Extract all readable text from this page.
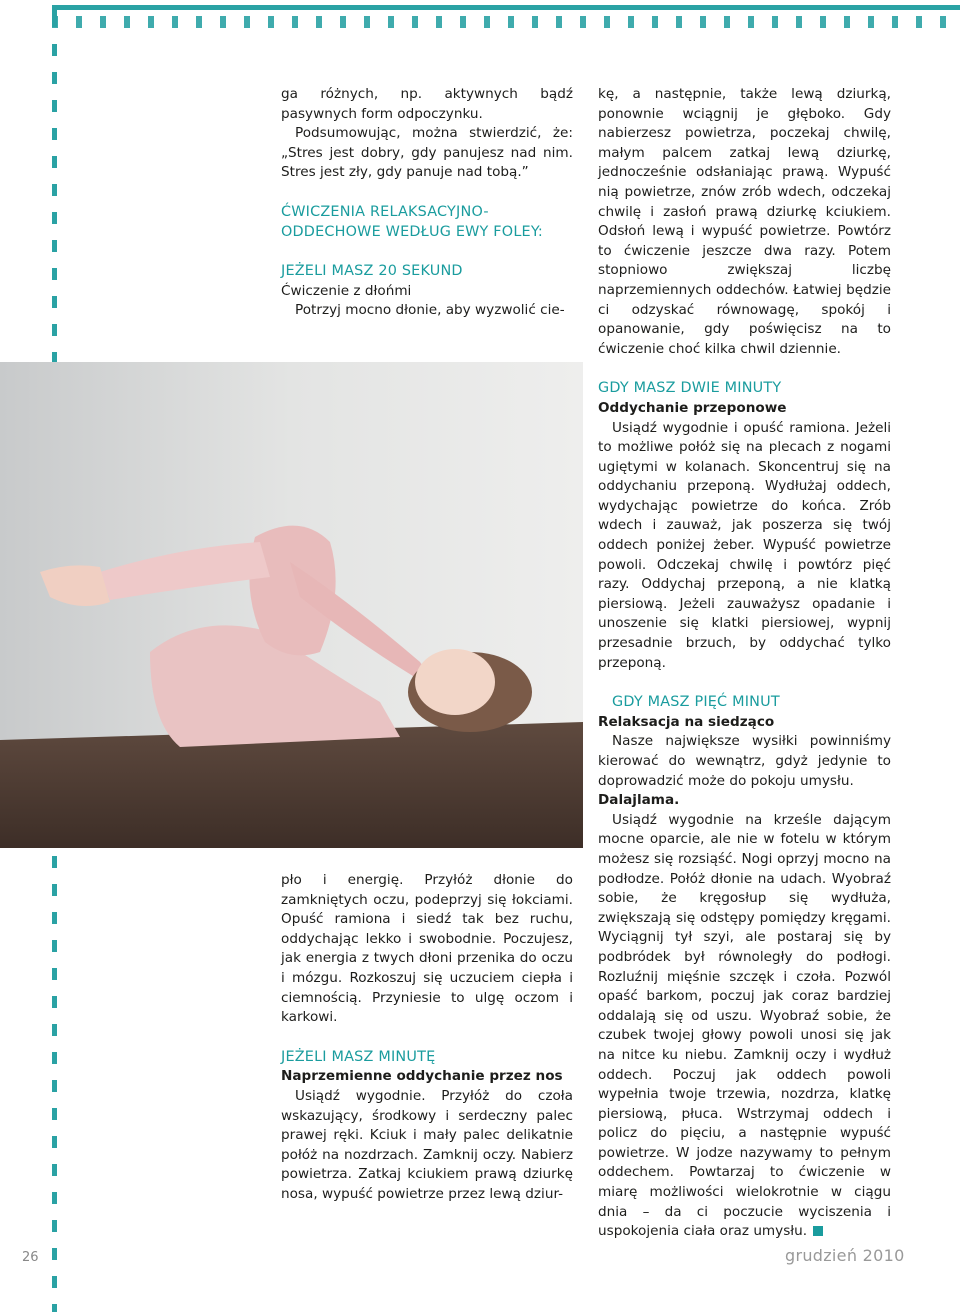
ga różnych, np. aktywnych bądź pasywnych form odpoczynku.

Podsumowując, można stwierdzić, że: „Stres jest dobry, gdy panujesz nad nim. Stres jest zły, gdy panuje nad tobą.”

ĆWICZENIA RELAKSACYJNO-ODDECHOWE WEDŁUG EWY FOLEY:
JEŻELI MASZ 20 SEKUND
Ćwiczenie z dłońmi

Potrzyj mocno dłonie, aby wyzwolić cie-

pło i energię. Przyłóż dłonie do zamkniętych oczu, podeprzyj się łokciami. Opuść ramiona i siedź tak bez ruchu, oddychając lekko i swobodnie. Poczujesz, jak energia z twych dłoni przenika do oczu i mózgu. Rozkoszuj się uczuciem ciepła i ciemnością. Przyniesie to ulgę oczom i karkowi.

JEŻELI MASZ MINUTĘ
Naprzemienne oddychanie przez nos

Usiądź wygodnie. Przyłóż do czoła wskazujący, środkowy i serdeczny palec prawej ręki. Kciuk i mały palec delikatnie połóż na nozdrzach. Zamknij oczy. Nabierz powietrza. Zatkaj kciukiem prawą dziurkę nosa, wypuść powietrze przez lewą dziur-

kę, a następnie, także lewą dziurką, ponownie wciągnij je głęboko. Gdy nabierzesz powietrza, poczekaj chwilę, małym palcem zatkaj lewą dziurkę, jednocześnie odsłaniając prawą. Wypuść nią powietrze, znów zrób wdech, odczekaj chwilę i zasłoń prawą dziurkę kciukiem. Odsłoń lewą i wypuść powietrze. Powtórz to ćwiczenie jeszcze dwa razy. Potem stopniowo zwiększaj liczbę naprzemiennych oddechów. Łatwiej będzie ci odzyskać równowagę, spokój i opanowanie, gdy poświęcisz na to ćwiczenie choć kilka chwil dziennie.

GDY MASZ DWIE MINUTY
Oddychanie przeponowe

Usiądź wygodnie i opuść ramiona. Jeżeli to możliwe połóż się na plecach z nogami ugiętymi w kolanach. Skoncentruj się na oddychaniu przeponą. Wydłużaj oddech, wydychając powietrze do końca. Zrób wdech i zauważ, jak poszerza się twój oddech poniżej żeber. Wypuść powietrze powoli. Odczekaj chwilę i powtórz pięć razy. Oddychaj przeponą, a nie klatką piersiową. Jeżeli zauważysz opadanie i unoszenie się klatki piersiowej, wypnij przesadnie brzuch, by oddychać tylko przeponą.

GDY MASZ PIĘĆ MINUT
Relaksacja na siedząco

Nasze największe wysiłki powinniśmy kierować do wewnątrz, gdyż jedynie to doprowadzić może do pokoju umysłu.

Dalajlama.

Usiądź wygodnie na krześle dającym mocne oparcie, ale nie w fotelu w którym możesz się rozsiąść. Nogi oprzyj mocno na podłodze. Połóż dłonie na udach. Wyobraź sobie, że kręgosłup się wydłuża, zwiększają się odstępy pomiędzy kręgami. Wyciągnij tył szyi, ale postaraj się by podbródek był równoległy do podłogi. Rozluźnij mięśnie szczęk i czoła. Pozwól opaść barkom, poczuj jak coraz bardziej oddalają się od uszu. Wyobraź sobie, że czubek twojej głowy powoli unosi się jak na nitce ku niebu. Zamknij oczy i wydłuż oddech. Poczuj jak oddech powoli wypełnia twoje trzewia, nozdrza, klatkę piersiową, płuca. Wstrzymaj oddech i policz do pięciu, a następnie wypuść powietrze. W jodze nazywamy to pełnym oddechem. Powtarzaj to ćwiczenie w miarę możliwości wielokrotnie w ciągu dnia – da ci poczucie wyciszenia i uspokojenia ciała oraz umysłu.

26	grudzień 2010
